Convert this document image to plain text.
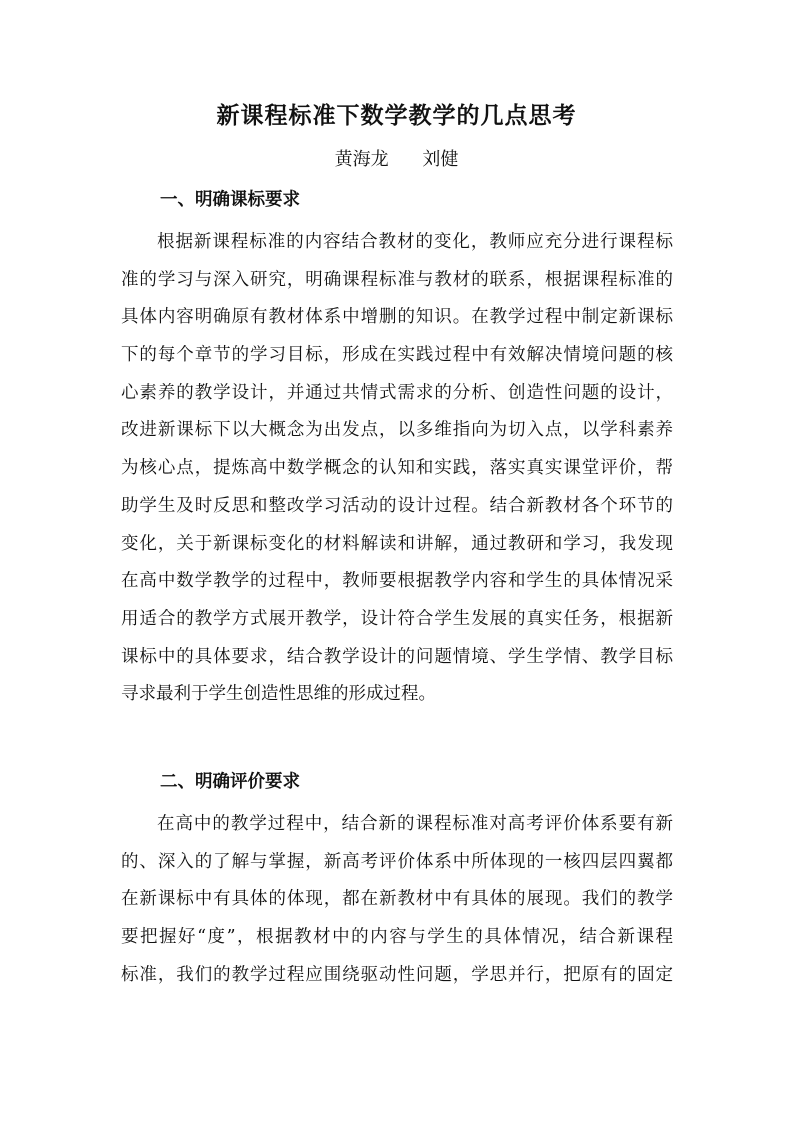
新课程标准下数学教学的几点思考
黄海龙 刘健
一、明确课标要求
根据新课程标准的内容结合教材的变化，教师应充分进行课程标
准的学习与深入研究，明确课程标准与教材的联系，根据课程标准的
具体内容明确原有教材体系中增删的知识。在教学过程中制定新课标
下的每个章节的学习目标，形成在实践过程中有效解决情境问题的核
心素养的教学设计，并通过共情式需求的分析、创造性问题的设计，
改进新课标下以大概念为出发点，以多维指向为切入点，以学科素养
为核心点，提炼高中数学概念的认知和实践，落实真实课堂评价，帮
助学生及时反思和整改学习活动的设计过程。结合新教材各个环节的
变化，关于新课标变化的材料解读和讲解，通过教研和学习，我发现
在高中数学教学的过程中，教师要根据教学内容和学生的具体情况采
用适合的教学方式展开教学，设计符合学生发展的真实任务，根据新
课标中的具体要求，结合教学设计的问题情境、学生学情、教学目标
寻求最利于学生创造性思维的形成过程。
二、明确评价要求
在高中的教学过程中，结合新的课程标准对高考评价体系要有新
的、深入的了解与掌握，新高考评价体系中所体现的一核四层四翼都
在新课标中有具体的体现，都在新教材中有具体的展现。我们的教学
要把握好“度”，根据教材中的内容与学生的具体情况，结合新课程
标准，我们的教学过程应围绕驱动性问题，学思并行，把原有的固定
